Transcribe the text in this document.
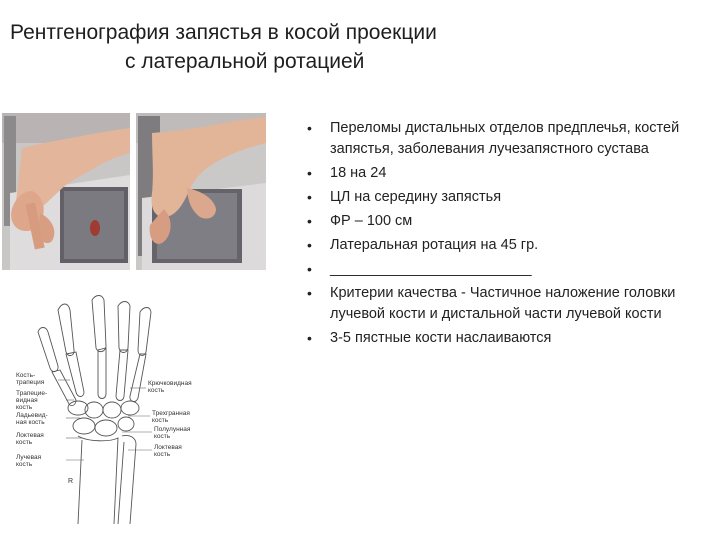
Рентгенография запястья в косой проекции
с латеральной ротацией
Кость-
трапеция
Трапециe-
видная
кость
Ладьевид-
ная кость
Локтевая
кость
Лучевая
кость
Крючковидная
кость
Трехгранная
кость
Полулунная
кость
Локтевая
кость
R
• Переломы дистальных отделов предплечья, костей запястья, заболевания лучезапястного сустава
• 18 на 24
• ЦЛ на середину запястья
• ФР – 100 см
• Латеральная ротация на 45 гр.
• _________________________
• Критерии качества - Частичное наложение головки лучевой кости и дистальной части лучевой кости
• 3-5 пястные кости наслаиваются
